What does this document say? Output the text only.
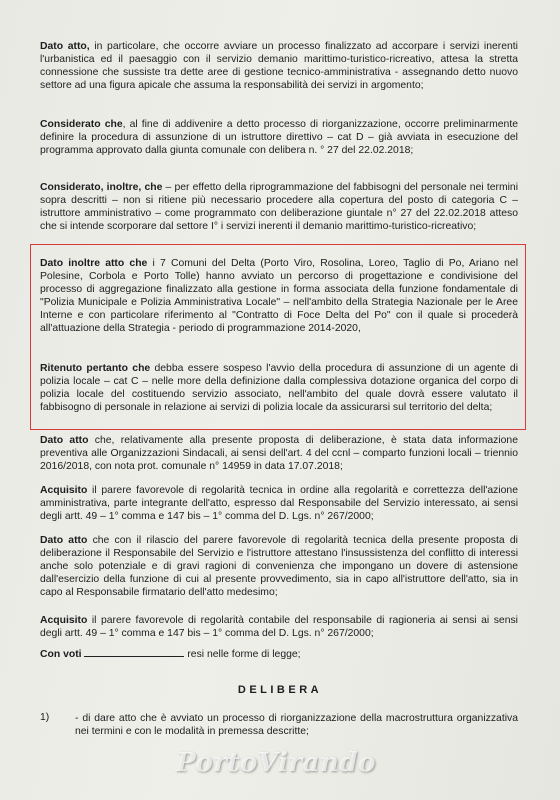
Dato atto, in particolare, che occorre avviare un processo finalizzato ad accorpare i servizi inerenti l'urbanistica ed il paesaggio con il servizio demanio marittimo-turistico-ricreativo, attesa la stretta connessione che sussiste tra dette aree di gestione tecnico-amministrativa - assegnando detto nuovo settore ad una figura apicale che assuma la responsabilità dei servizi in argomento;

Considerato che, al fine di addivenire a detto processo di riorganizzazione, occorre preliminarmente definire la procedura di assunzione di un istruttore direttivo – cat D – già avviata in esecuzione del programma approvato dalla giunta comunale con delibera n. ° 27 del 22.02.2018;

Considerato, inoltre, che – per effetto della riprogrammazione del fabbisogni del personale nei termini sopra descritti – non si ritiene più necessario procedere alla copertura del posto di categoria C – istruttore amministrativo – come programmato con deliberazione giuntale n° 27 del 22.02.2018 atteso che si intende scorporare dal settore I° i servizi inerenti il demanio marittimo-turistico-ricreativo;

Dato inoltre atto che i 7 Comuni del Delta (Porto Viro, Rosolina, Loreo, Taglio di Po, Ariano nel Polesine, Corbola e Porto Tolle) hanno avviato un percorso di progettazione e condivisione del processo di aggregazione finalizzato alla gestione in forma associata della funzione fondamentale di "Polizia Municipale e Polizia Amministrativa Locale" – nell'ambito della Strategia Nazionale per le Aree Interne e con particolare riferimento al "Contratto di Foce Delta del Po" con il quale si procederà all'attuazione della Strategia - periodo di programmazione 2014-2020,

Ritenuto pertanto che debba essere sospeso l'avvio della procedura di assunzione di un agente di polizia locale – cat C – nelle more della definizione dalla complessiva dotazione organica del corpo di polizia locale del costituendo servizio associato, nell'ambito del quale dovrà essere valutato il fabbisogno di personale in relazione ai servizi di polizia locale da assicurarsi sul territorio del delta;

Dato atto che, relativamente alla presente proposta di deliberazione, è stata data informazione preventiva alle Organizzazioni Sindacali, ai sensi dell'art. 4 del ccnl – comparto funzioni locali – triennio 2016/2018, con nota prot. comunale n° 14959 in data 17.07.2018;

Acquisito il parere favorevole di regolarità tecnica in ordine alla regolarità e correttezza dell'azione amministrativa, parte integrante dell'atto, espresso dal Responsabile del Servizio interessato, ai sensi degli artt. 49 – 1° comma e 147 bis – 1° comma del D. Lgs. n° 267/2000;

Dato atto che con il rilascio del parere favorevole di regolarità tecnica della presente proposta di deliberazione il Responsabile del Servizio e l'istruttore attestano l'insussistenza del conflitto di interessi anche solo potenziale e di gravi ragioni di convenienza che impongano un dovere di astensione dall'esercizio della funzione di cui al presente provvedimento, sia in capo all'istruttore dell'atto, sia in capo al Responsabile firmatario dell'atto medesimo;

Acquisito il parere favorevole di regolarità contabile del responsabile di ragioneria ai sensi ai sensi degli artt. 49 – 1° comma e 147 bis – 1° comma del D. Lgs. n° 267/2000;

Con voti	resi nelle forme di legge;

DELIBERA
1) - di dare atto che è avviato un processo di riorganizzazione della macrostruttura organizzativa nei termini e con le modalità in premessa descritte;
PortoVirando
